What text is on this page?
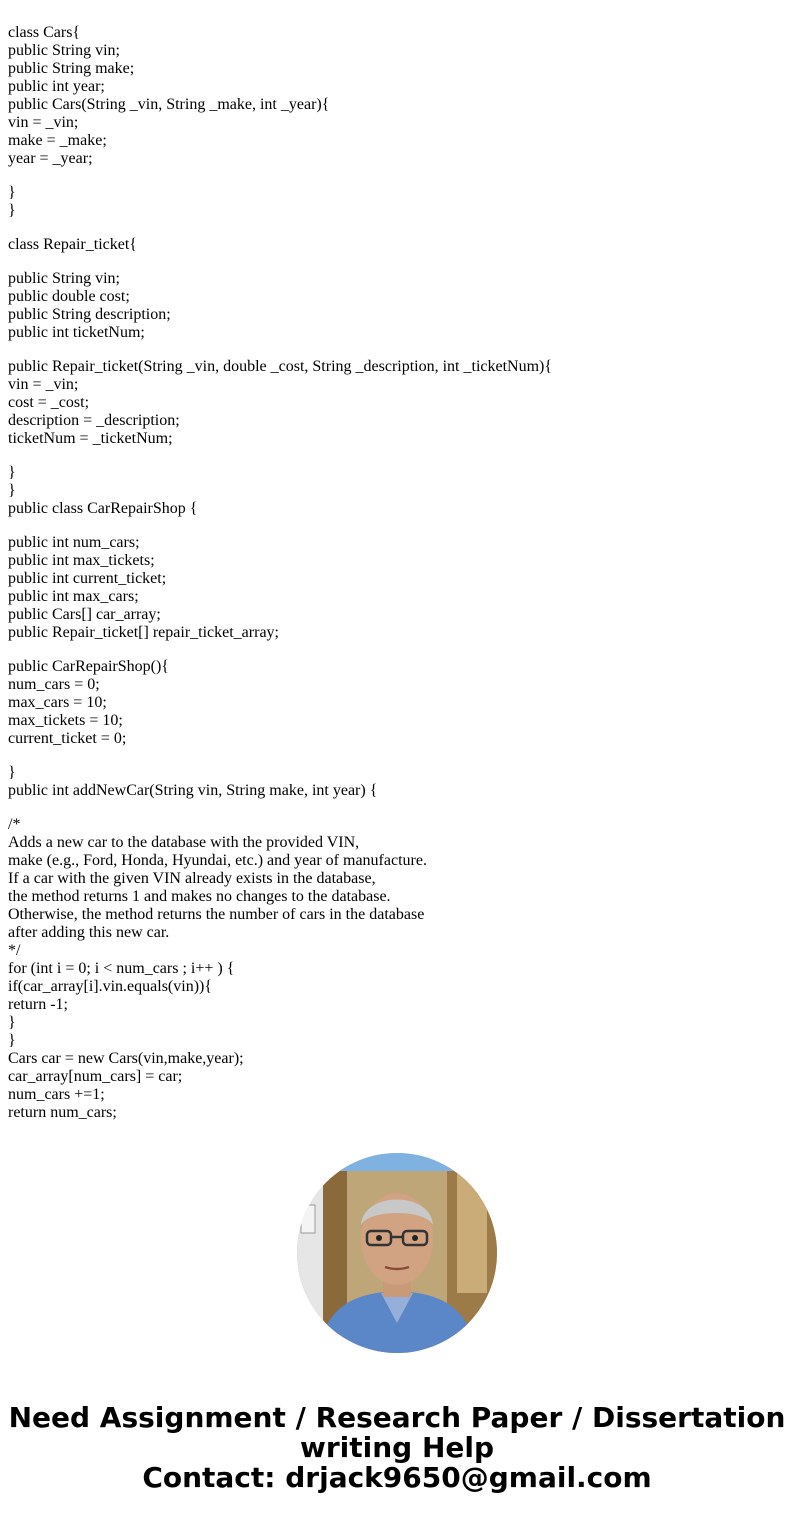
class Cars{
public String vin;
public String make;
public int year;
public Cars(String _vin, String _make, int _year){
vin = _vin;
make = _make;
year = _year;
}
}
class Repair_ticket{
public String vin;
public double cost;
public String description;
public int ticketNum;
public Repair_ticket(String _vin, double _cost, String _description, int _ticketNum){
vin = _vin;
cost = _cost;
description = _description;
ticketNum = _ticketNum;
}
}
public class CarRepairShop {
public int num_cars;
public int max_tickets;
public int current_ticket;
public int max_cars;
public Cars[] car_array;
public Repair_ticket[] repair_ticket_array;
public CarRepairShop(){
num_cars = 0;
max_cars = 10;
max_tickets = 10;
current_ticket = 0;
}
public int addNewCar(String vin, String make, int year) {
/*
Adds a new car to the database with the provided VIN,
make (e.g., Ford, Honda, Hyundai, etc.) and year of manufacture.
If a car with the given VIN already exists in the database,
the method returns 1 and makes no changes to the database.
Otherwise, the method returns the number of cars in the database
after adding this new car.
*/
for (int i = 0; i < num_cars ; i++ ) {
if(car_array[i].vin.equals(vin)){
return -1;
}
}
Cars car = new Cars(vin,make,year);
car_array[num_cars] = car;
num_cars +=1;
return num_cars;
Need Assignment / Research Paper / Dissertation
writing Help
Contact: drjack9650@gmail.com
